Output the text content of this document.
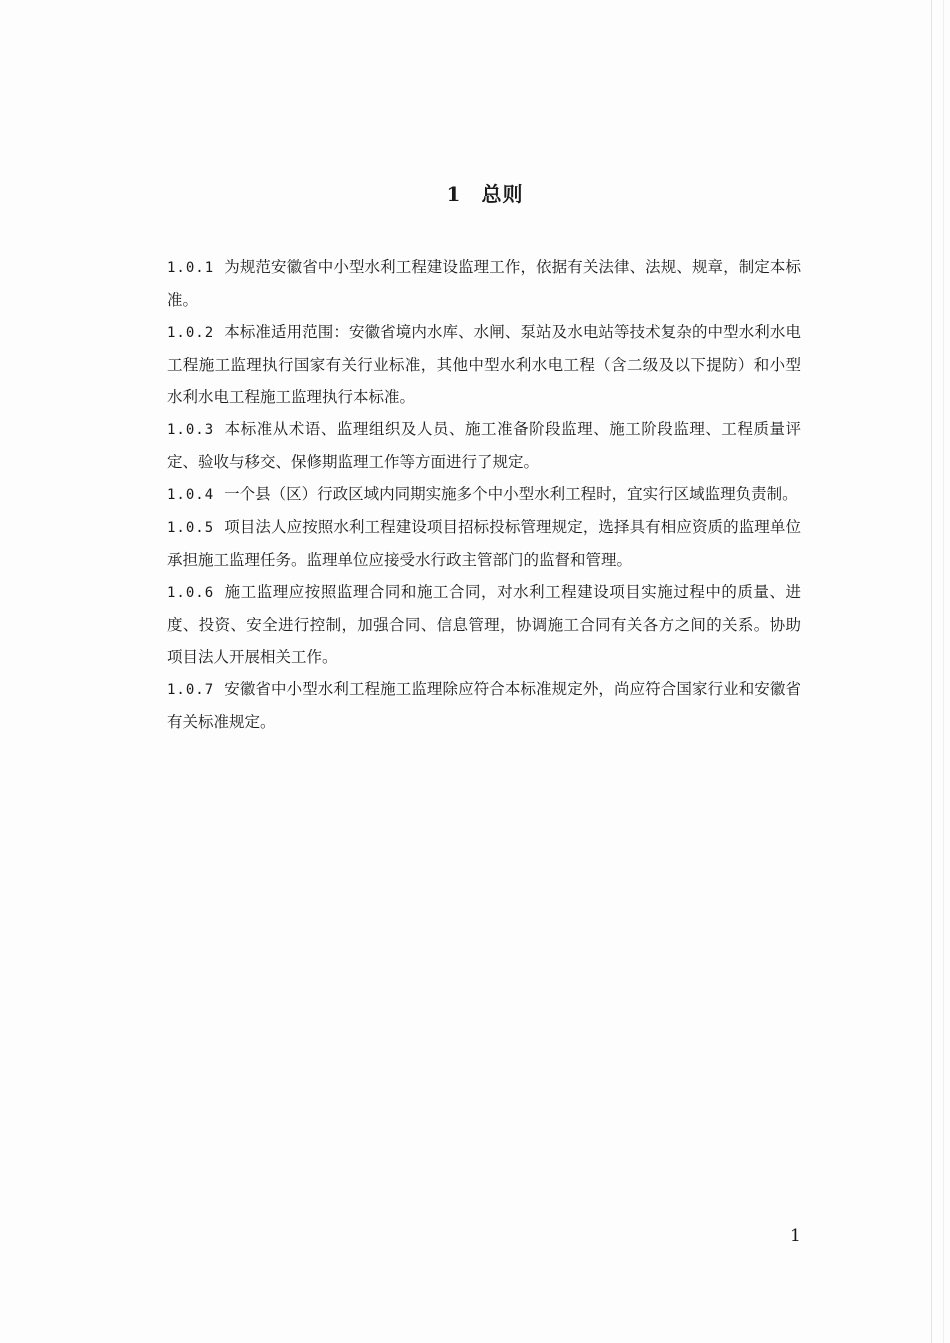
1 总则

1.0.1 为规范安徽省中小型水利工程建设监理工作，依据有关法律、法规、规章，制定本标准。

1.0.2 本标准适用范围：安徽省境内水库、水闸、泵站及水电站等技术复杂的中型水利水电工程施工监理执行国家有关行业标准，其他中型水利水电工程（含二级及以下提防）和小型水利水电工程施工监理执行本标准。

1.0.3 本标准从术语、监理组织及人员、施工准备阶段监理、施工阶段监理、工程质量评定、验收与移交、保修期监理工作等方面进行了规定。

1.0.4 一个县（区）行政区域内同期实施多个中小型水利工程时，宜实行区域监理负责制。

1.0.5 项目法人应按照水利工程建设项目招标投标管理规定，选择具有相应资质的监理单位承担施工监理任务。监理单位应接受水行政主管部门的监督和管理。

1.0.6 施工监理应按照监理合同和施工合同，对水利工程建设项目实施过程中的质量、进度、投资、安全进行控制，加强合同、信息管理，协调施工合同有关各方之间的关系。协助项目法人开展相关工作。

1.0.7 安徽省中小型水利工程施工监理除应符合本标准规定外，尚应符合国家行业和安徽省有关标准规定。

1
